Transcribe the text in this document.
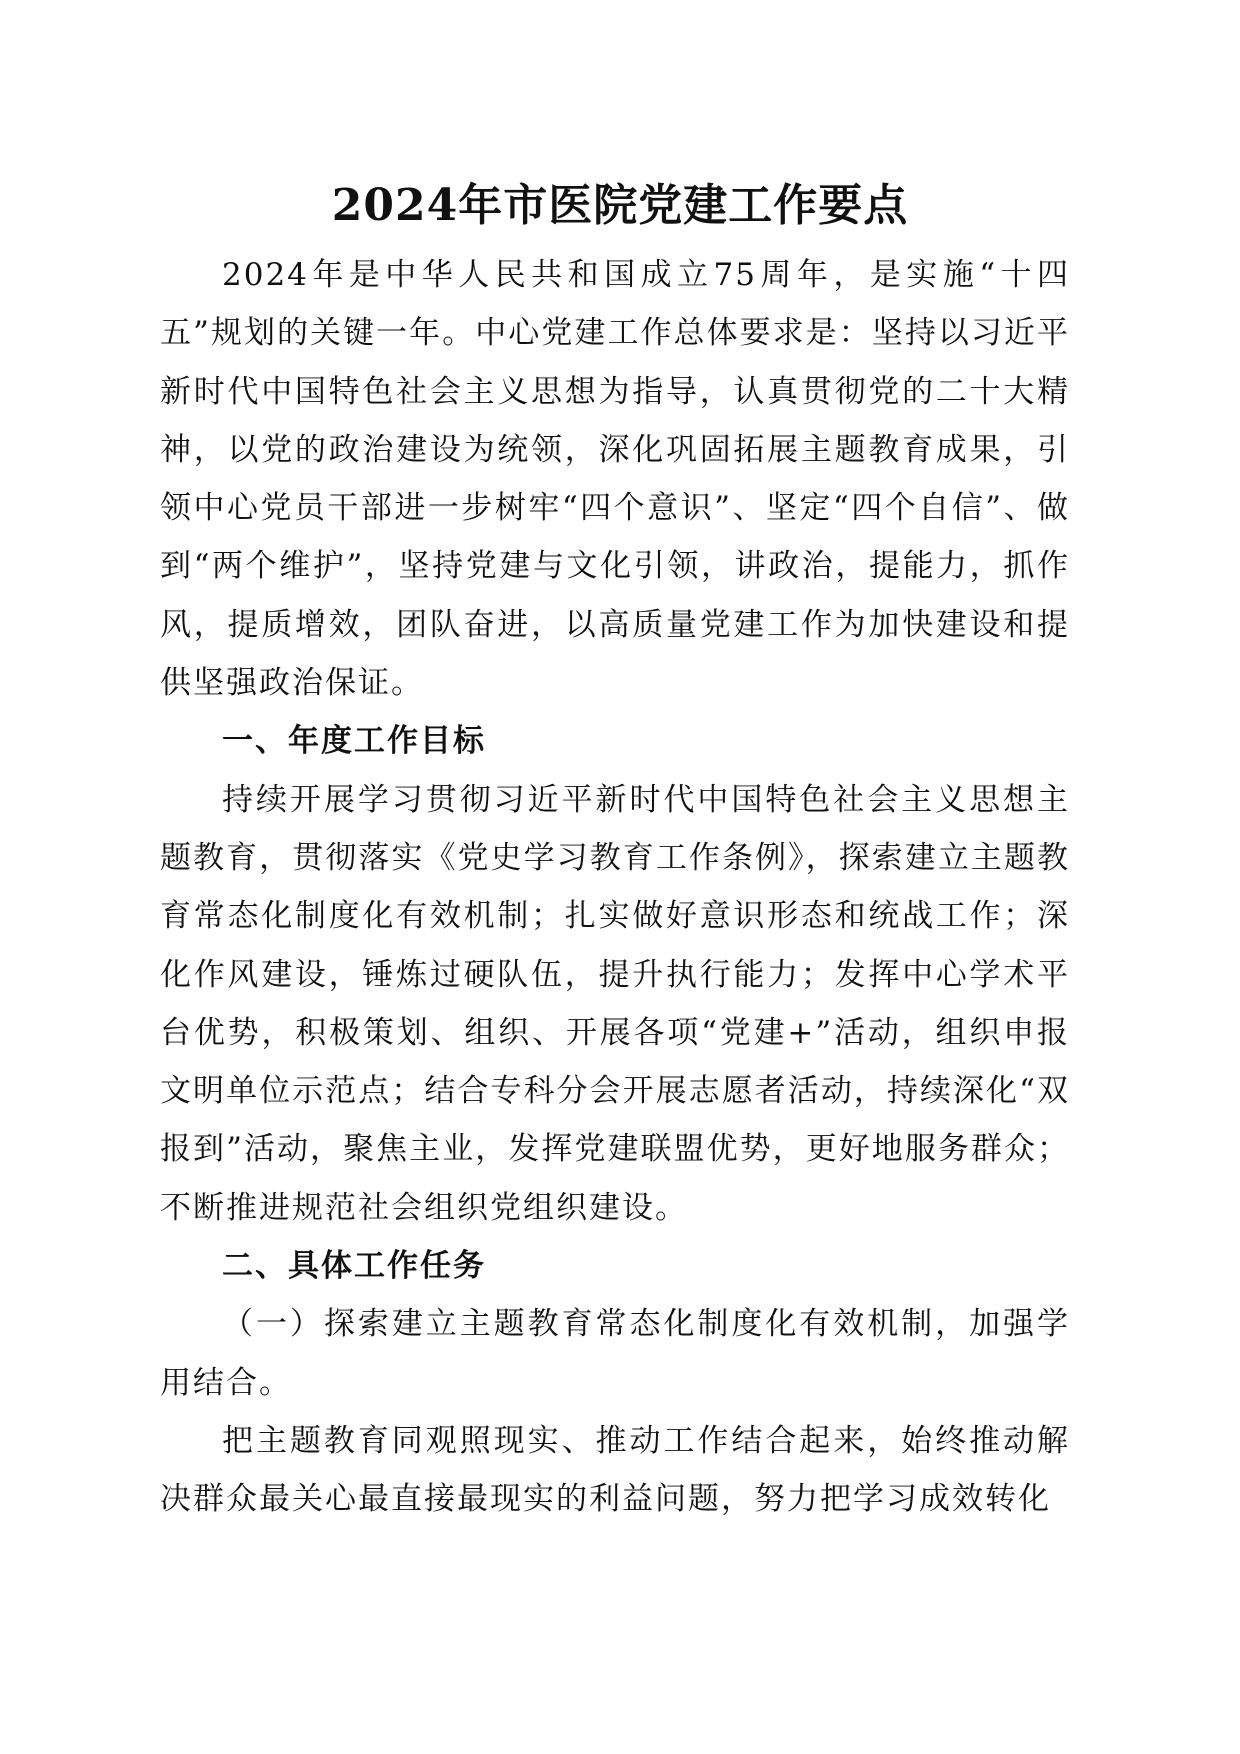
2024年市医院党建工作要点

2024年是中华人民共和国成立75周年，是实施“十四五”规划的关键一年。中心党建工作总体要求是：坚持以习近平新时代中国特色社会主义思想为指导，认真贯彻党的二十大精神，以党的政治建设为统领，深化巩固拓展主题教育成果，引领中心党员干部进一步树牢“四个意识”、坚定“四个自信”、做到“两个维护”，坚持党建与文化引领，讲政治，提能力，抓作风，提质增效，团队奋进，以高质量党建工作为加快建设和提供坚强政治保证。

一、年度工作目标

持续开展学习贯彻习近平新时代中国特色社会主义思想主题教育，贯彻落实《党史学习教育工作条例》，探索建立主题教育常态化制度化有效机制；扎实做好意识形态和统战工作；深化作风建设，锤炼过硬队伍，提升执行能力；发挥中心学术平台优势，积极策划、组织、开展各项“党建+”活动，组织申报文明单位示范点；结合专科分会开展志愿者活动，持续深化“双报到”活动，聚焦主业，发挥党建联盟优势，更好地服务群众；不断推进规范社会组织党组织建设。

二、具体工作任务

（一）探索建立主题教育常态化制度化有效机制，加强学用结合。

把主题教育同观照现实、推动工作结合起来，始终推动解决群众最关心最直接最现实的利益问题，努力把学习成效转化
